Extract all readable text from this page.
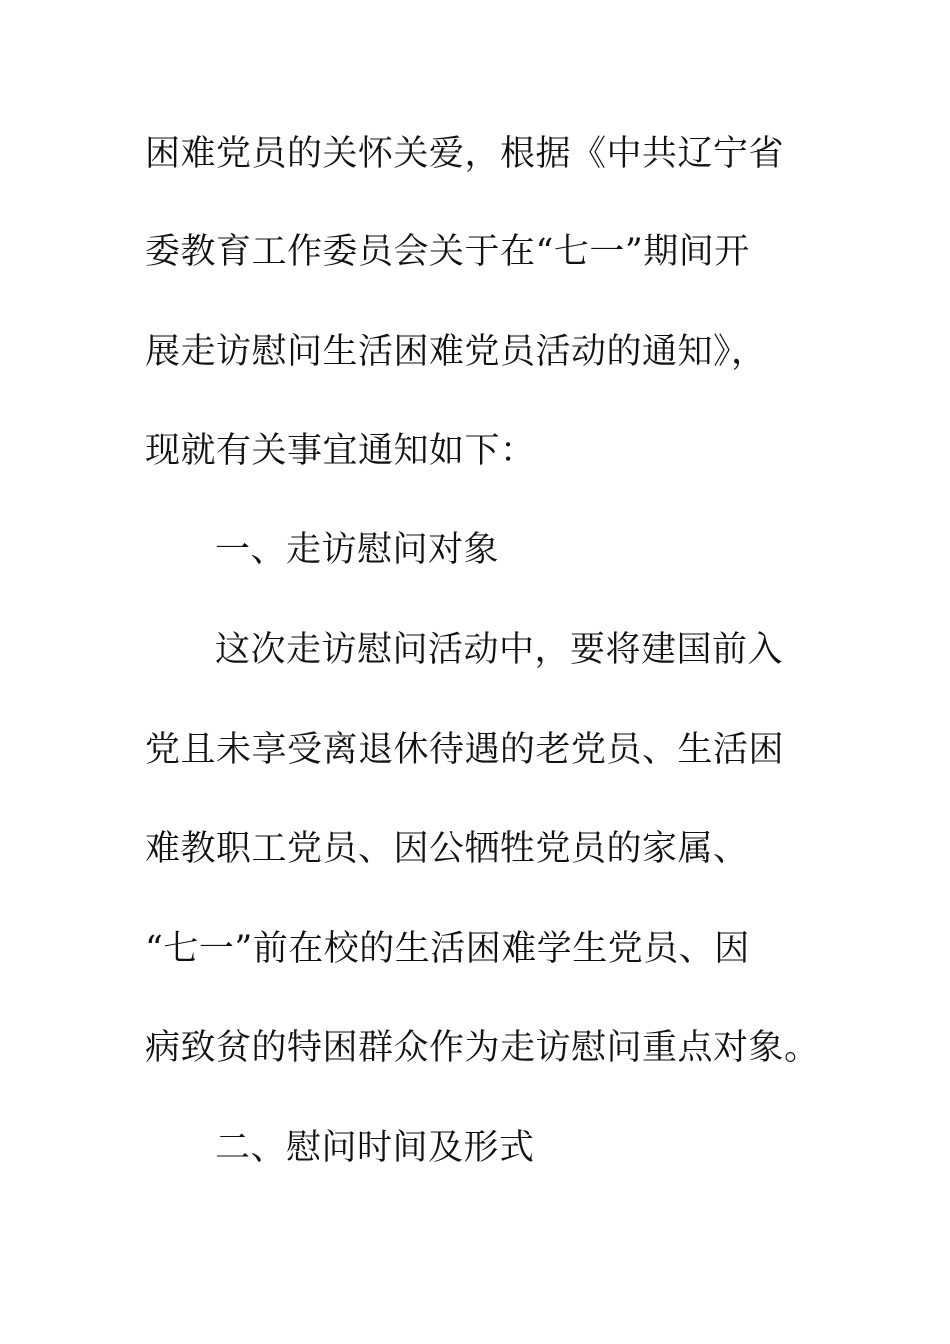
困难党员的关怀关爱，根据《中共辽宁省
委教育工作委员会关于在“七一”期间开
展走访慰问生活困难党员活动的通知》，
现就有关事宜通知如下：
一、走访慰问对象
这次走访慰问活动中，要将建国前入
党且未享受离退休待遇的老党员、生活困
难教职工党员、因公牺牲党员的家属、
“七一”前在校的生活困难学生党员、因
病致贫的特困群众作为走访慰问重点对象。
二、慰问时间及形式
